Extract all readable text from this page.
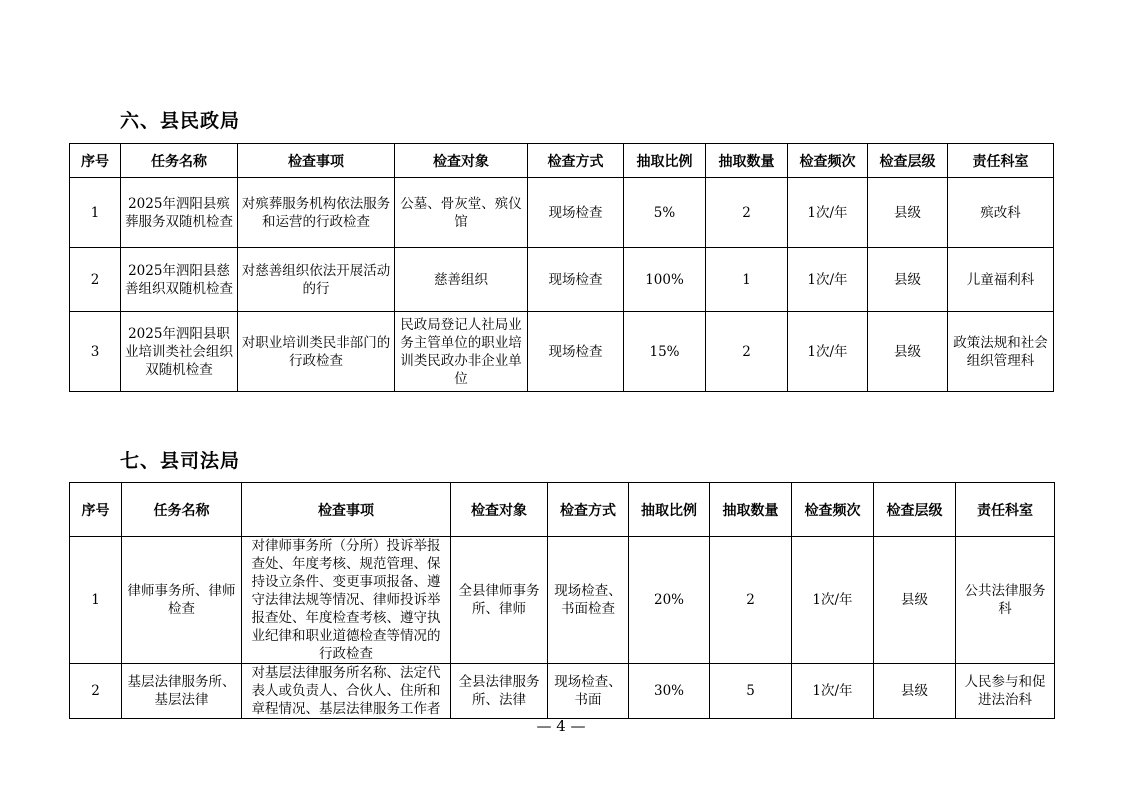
六、县民政局
序号	任务名称	检查事项	检查对象	检查方式	抽取比例	抽取数量	检查频次	检查层级	责任科室
1	2025年泗阳县殡葬服务双随机检查	对殡葬服务机构依法服务和运营的行政检查	公墓、骨灰堂、殡仪馆	现场检查	5%	2	1次/年	县级	殡改科
2	2025年泗阳县慈善组织双随机检查	对慈善组织依法开展活动的行	慈善组织	现场检查	100%	1	1次/年	县级	儿童福利科
3	2025年泗阳县职业培训类社会组织双随机检查	对职业培训类民非部门的行政检查	民政局登记人社局业务主管单位的职业培训类民政办非企业单位	现场检查	15%	2	1次/年	县级	政策法规和社会组织管理科
七、县司法局
序号	任务名称	检查事项	检查对象	检查方式	抽取比例	抽取数量	检查频次	检查层级	责任科室
1	律师事务所、律师检查	对律师事务所（分所）投诉举报查处、年度考核、规范管理、保持设立条件、变更事项报备、遵守法律法规等情况、律师投诉举报查处、年度检查考核、遵守执业纪律和职业道德检查等情况的行政检查	全县律师事务所、律师	现场检查、书面检查	20%	2	1次/年	县级	公共法律服务科
2	基层法律服务所、基层法律	对基层法律服务所名称、法定代表人或负责人、合伙人、住所和章程情况、基层法律服务工作者	全县法律服务所、法律	现场检查、书面	30%	5	1次/年	县级	人民参与和促进法治科
— 4 —
